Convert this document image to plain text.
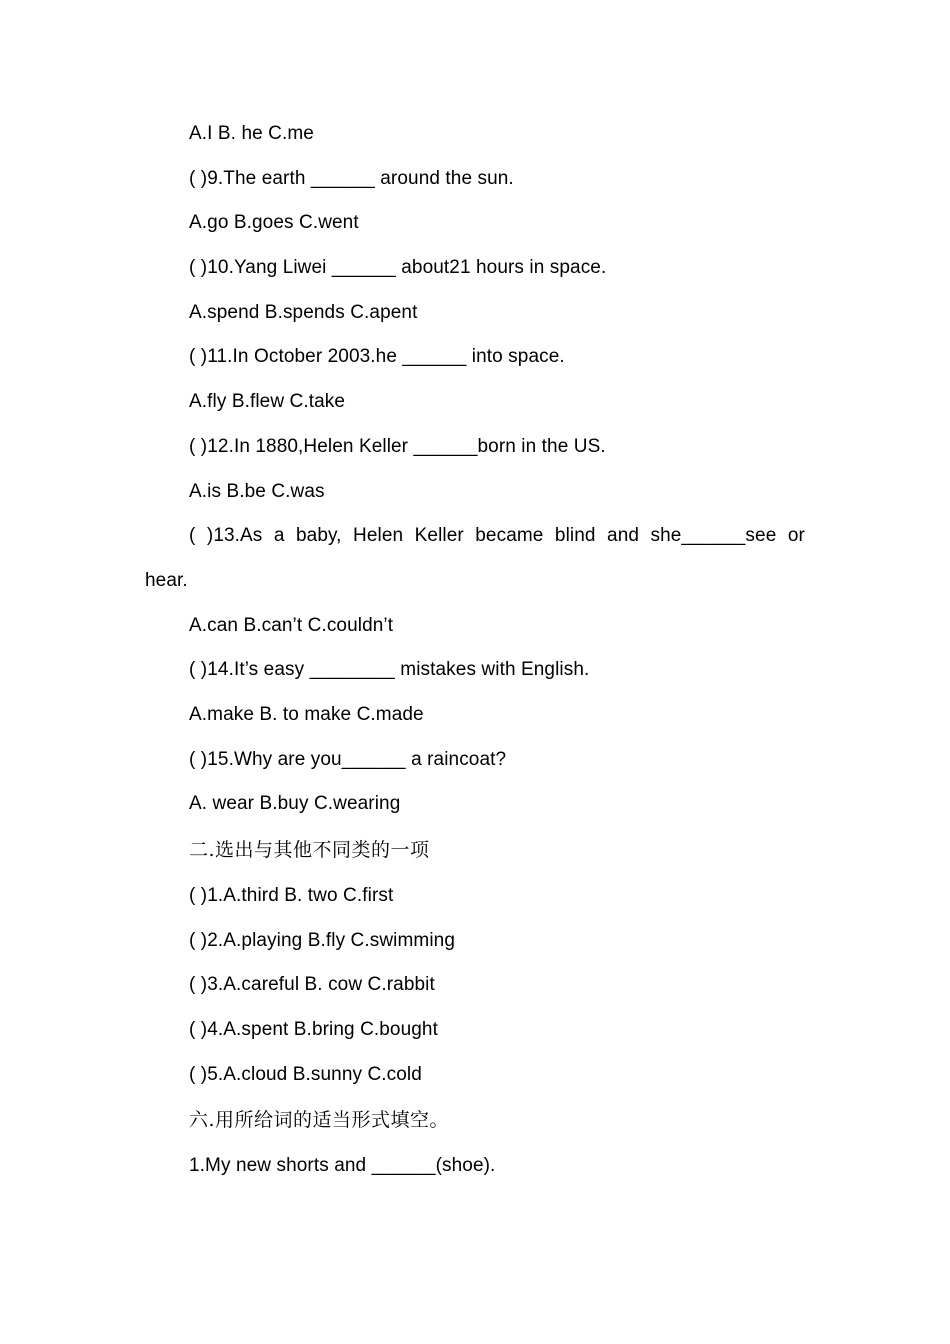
A.I B. he C.me
( )9.The earth ______ around the sun.
A.go B.goes C.went
( )10.Yang Liwei ______ about21 hours in space.
A.spend B.spends C.apent
( )11.In October 2003.he ______ into space.
A.fly B.flew C.take
( )12.In 1880,Helen Keller ______born in the US.
A.is B.be C.was
( )13.As a baby, Helen Keller became blind and she______see or
hear.
A.can B.can’t C.couldn’t
( )14.It’s easy ________ mistakes with English.
A.make B. to make C.made
( )15.Why are you______ a raincoat?
A. wear B.buy C.wearing
二.选出与其他不同类的一项
( )1.A.third B. two C.first
( )2.A.playing B.fly C.swimming
( )3.A.careful B. cow C.rabbit
( )4.A.spent B.bring C.bought
( )5.A.cloud B.sunny C.cold
六.用所给词的适当形式填空。
1.My new shorts and ______(shoe).
